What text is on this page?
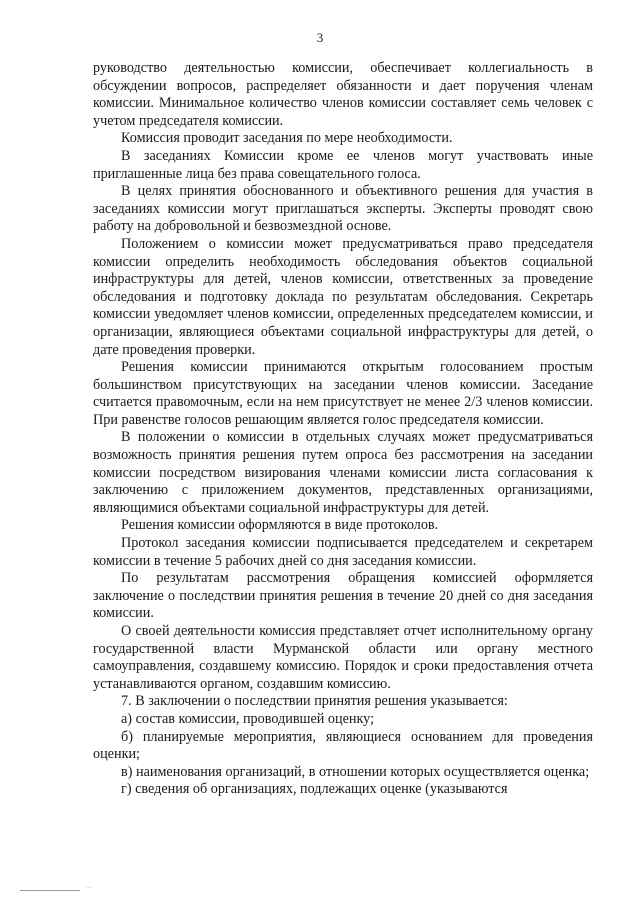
3

руководство деятельностью комиссии, обеспечивает коллегиальность в обсуждении вопросов, распределяет обязанности и дает поручения членам комиссии. Минимальное количество членов комиссии составляет семь человек с учетом председателя комиссии.

Комиссия проводит заседания по мере необходимости.

В заседаниях Комиссии кроме ее членов могут участвовать иные приглашенные лица без права совещательного голоса.

В целях принятия обоснованного и объективного решения для участия в заседаниях комиссии могут приглашаться эксперты. Эксперты проводят свою работу на добровольной и безвозмездной основе.

Положением о комиссии может предусматриваться право председателя комиссии определить необходимость обследования объектов социальной инфраструктуры для детей, членов комиссии, ответственных за проведение обследования и подготовку доклада по результатам обследования. Секретарь комиссии уведомляет членов комиссии, определенных председателем комиссии, и организации, являющиеся объектами социальной инфраструктуры для детей, о дате проведения проверки.

Решения комиссии принимаются открытым голосованием простым большинством присутствующих на заседании членов комиссии. Заседание считается правомочным, если на нем присутствует не менее 2/3 членов комиссии. При равенстве голосов решающим является голос председателя комиссии.

В положении о комиссии в отдельных случаях может предусматриваться возможность принятия решения путем опроса без рассмотрения на заседании комиссии посредством визирования членами комиссии листа согласования к заключению с приложением документов, представленных организациями, являющимися объектами социальной инфраструктуры для детей.

Решения комиссии оформляются в виде протоколов.

Протокол заседания комиссии подписывается председателем и секретарем комиссии в течение 5 рабочих дней со дня заседания комиссии.

По результатам рассмотрения обращения комиссией оформляется заключение о последствии принятия решения в течение 20 дней со дня заседания комиссии.

О своей деятельности комиссия представляет отчет исполнительному органу государственной власти Мурманской области или органу местного самоуправления, создавшему комиссию. Порядок и сроки предоставления отчета устанавливаются органом, создавшим комиссию.

7. В заключении о последствии принятия решения указывается:

а) состав комиссии, проводившей оценку;

б) планируемые мероприятия, являющиеся основанием для проведения оценки;

в) наименования организаций, в отношении которых осуществляется оценка;

г) сведения об организациях, подлежащих оценке (указываются

…
